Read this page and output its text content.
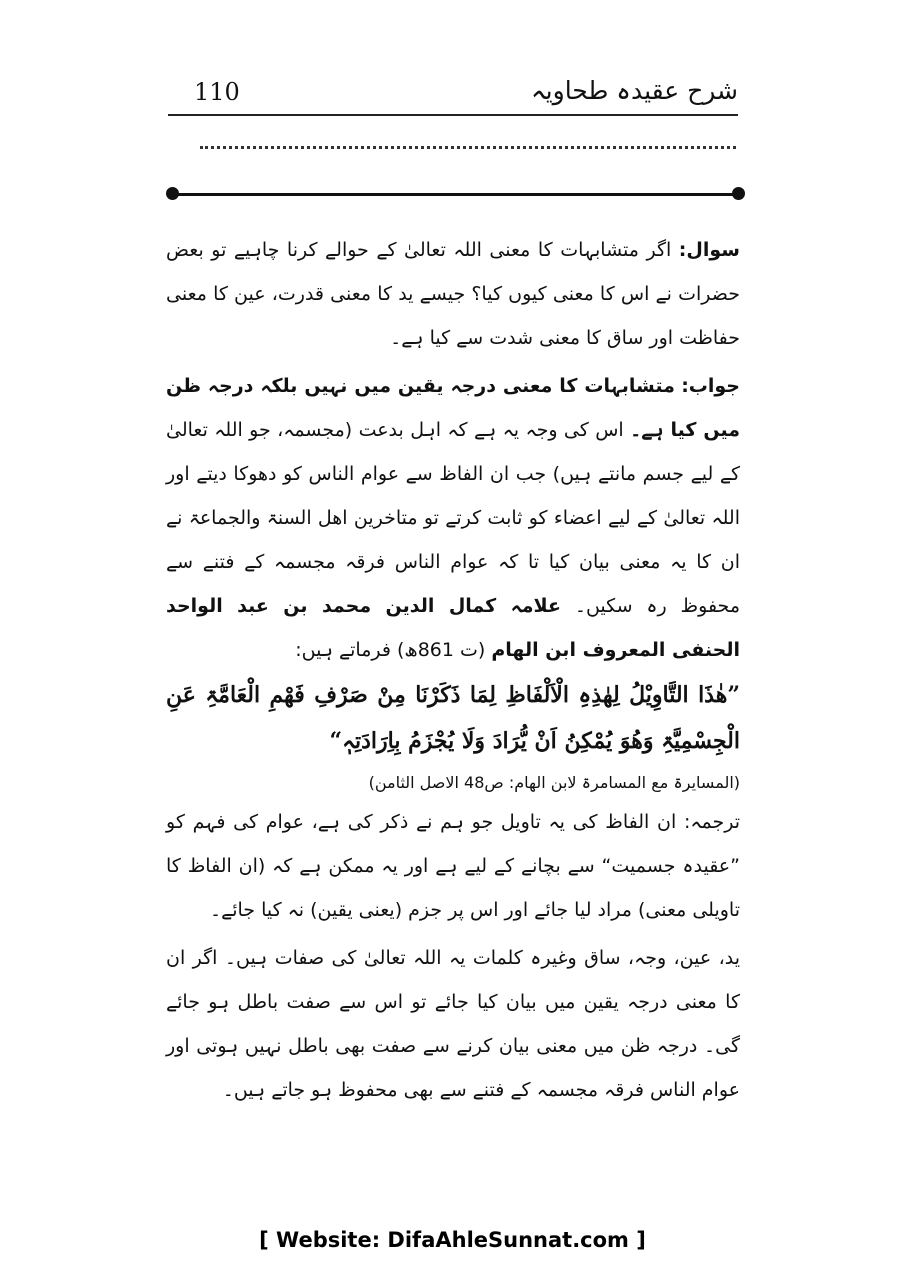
شرح عقیدہ طحاویہ
110

سوال: اگر متشابہات کا معنی اللہ تعالیٰ کے حوالے کرنا چاہیے تو بعض حضرات نے اس کا معنی کیوں کیا؟ جیسے ید کا معنی قدرت، عین کا معنی حفاظت اور ساق کا معنی شدت سے کیا ہے۔

جواب: متشابہات کا معنی درجہ یقین میں نہیں بلکہ درجہ ظن میں کیا ہے۔ اس کی وجہ یہ ہے کہ اہل بدعت (مجسمہ، جو اللہ تعالیٰ کے لیے جسم مانتے ہیں) جب ان الفاظ سے عوام الناس کو دھوکا دیتے اور اللہ تعالیٰ کے لیے اعضاء کو ثابت کرتے تو متاخرین اھل السنۃ والجماعۃ نے ان کا یہ معنی بیان کیا تا کہ عوام الناس فرقہ مجسمہ کے فتنے سے محفوظ رہ سکیں۔ علامہ کمال الدین محمد بن عبد الواحد الحنفی المعروف ابن الھام (ت 861ھ) فرماتے ہیں:

”ھٰذَا التَّاوِیْلُ لِھٰذِہِ الْاَلْفَاظِ لِمَا ذَکَرْنَا مِنْ صَرْفِ فَھْمِ الْعَامَّۃِ عَنِ الْجِسْمِیَّۃِ وَھُوَ یُمْکِنُ اَنْ یُّرَادَ وَلَا یُجْزَمُ بِاِرَادَتِہٖ“

(المسایرۃ مع المسامرۃ لابن الھام: ص48 الاصل الثامن)

ترجمہ: ان الفاظ کی یہ تاویل جو ہم نے ذکر کی ہے، عوام کی فہم کو ”عقیدہ جسمیت“ سے بچانے کے لیے ہے اور یہ ممکن ہے کہ (ان الفاظ کا تاویلی معنی) مراد لیا جائے اور اس پر جزم (یعنی یقین) نہ کیا جائے۔

ید، عین، وجہ، ساق وغیرہ کلمات یہ اللہ تعالیٰ کی صفات ہیں۔ اگر ان کا معنی درجہ یقین میں بیان کیا جائے تو اس سے صفت باطل ہو جائے گی۔ درجہ ظن میں معنی بیان کرنے سے صفت بھی باطل نہیں ہوتی اور عوام الناس فرقہ مجسمہ کے فتنے سے بھی محفوظ ہو جاتے ہیں۔

[ Website: DifaAhleSunnat.com ]
